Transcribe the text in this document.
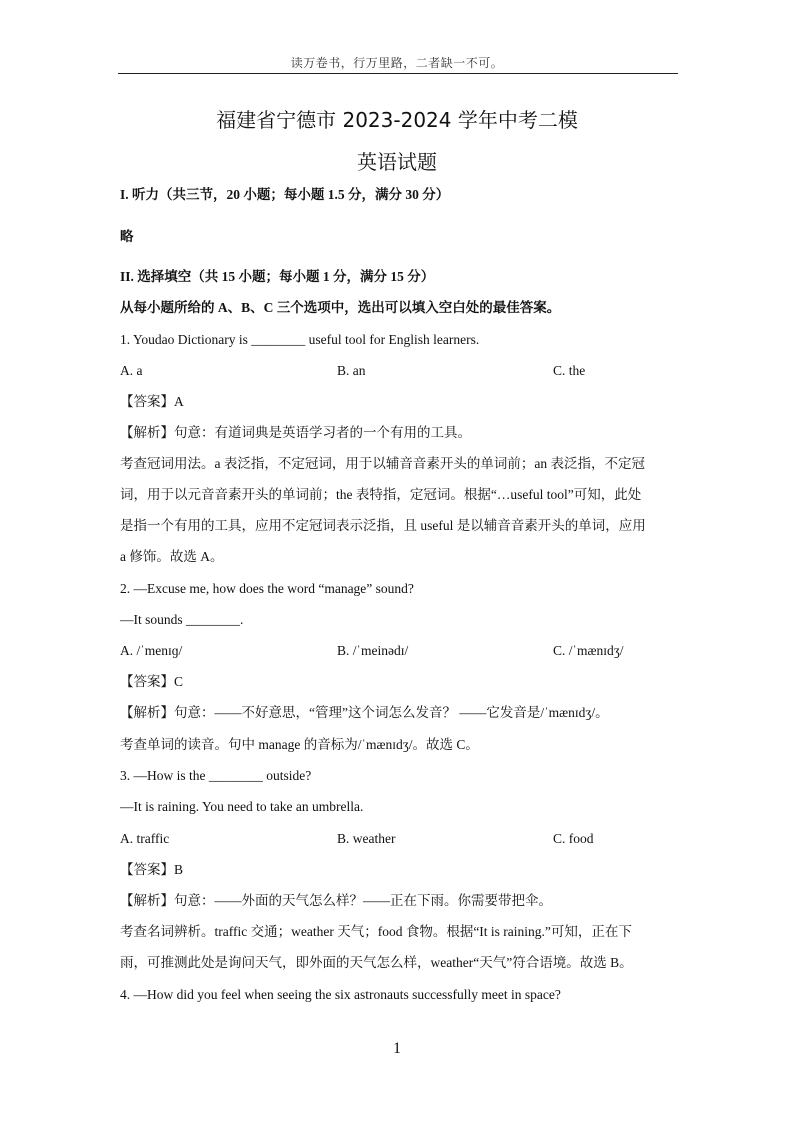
读万卷书，行万里路，二者缺一不可。
福建省宁德市 2023-2024 学年中考二模
英语试题
I. 听力（共三节，20 小题；每小题 1.5 分，满分 30 分）
略
II. 选择填空（共 15 小题；每小题 1 分，满分 15 分）
从每小题所给的 A、B、C 三个选项中，选出可以填入空白处的最佳答案。
1. Youdao Dictionary is ________ useful tool for English learners.
A. a	B. an	C. the
【答案】A
【解析】句意：有道词典是英语学习者的一个有用的工具。
考查冠词用法。a 表泛指，不定冠词，用于以辅音音素开头的单词前；an 表泛指，不定冠
词，用于以元音音素开头的单词前；the 表特指，定冠词。根据“…useful tool”可知，此处
是指一个有用的工具，应用不定冠词表示泛指，且 useful 是以辅音音素开头的单词，应用
a 修饰。故选 A。
2. —Excuse me, how does the word “manage” sound?
—It sounds ________.
A. /ˈmenɪɡ/	B. /ˈmeinədɪ/	C. /ˈmænɪdʒ/
【答案】C
【解析】句意：——不好意思，“管理”这个词怎么发音？ ——它发音是/ˈmænɪdʒ/。
考查单词的读音。句中 manage 的音标为/ˈmænɪdʒ/。故选 C。
3. —How is the ________ outside?
—It is raining. You need to take an umbrella.
A. traffic	B. weather	C. food
【答案】B
【解析】句意：——外面的天气怎么样？——正在下雨。你需要带把伞。
考查名词辨析。traffic 交通；weather 天气；food 食物。根据“It is raining.”可知，正在下
雨，可推测此处是询问天气，即外面的天气怎么样，weather“天气”符合语境。故选 B。
4. —How did you feel when seeing the six astronauts successfully meet in space?
1
